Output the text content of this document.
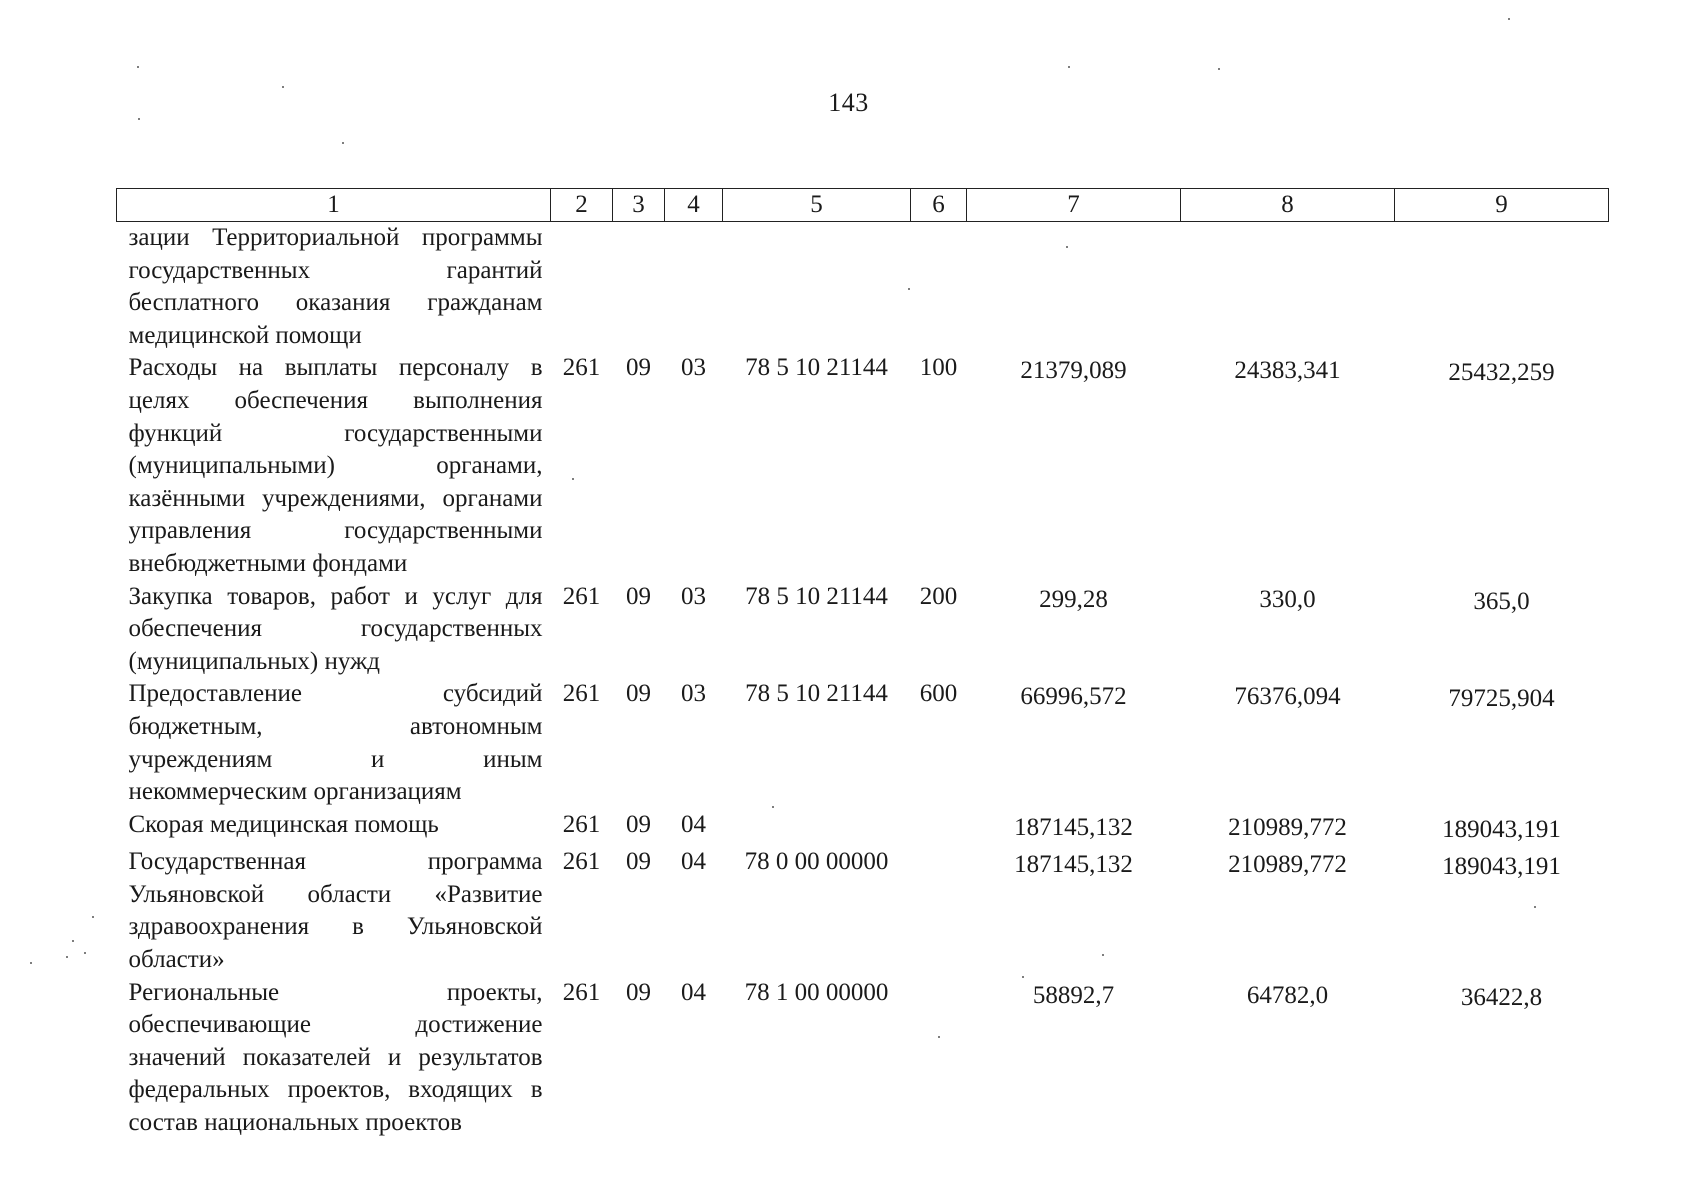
143
1	2	3	4	5	6	7	8	9
зации Территориальной программы государственных гарантий бесплатного оказания гражданам медицинской помощи								
Расходы на выплаты персоналу в целях обеспечения выполнения функций государственными (муниципальными) органами, казёнными учреждениями, органами управления государственными внебюджетными фондами	261	09	03	78 5 10 21144	100	21379,089	24383,341	25432,259
Закупка товаров, работ и услуг для обеспечения государственных (муниципальных) нужд	261	09	03	78 5 10 21144	200	299,28	330,0	365,0
Предоставление субсидий бюджетным, автономным учреждениям и иным некоммерческим организациям	261	09	03	78 5 10 21144	600	66996,572	76376,094	79725,904
Скорая медицинская помощь	261	09	04			187145,132	210989,772	189043,191
Государственная программа Ульяновской области «Развитие здравоохранения в Ульяновской области»	261	09	04	78 0 00 00000		187145,132	210989,772	189043,191
Региональные проекты, обеспечивающие достижение значений показателей и результатов федеральных проектов, входящих в состав национальных проектов	261	09	04	78 1 00 00000		58892,7	64782,0	36422,8
